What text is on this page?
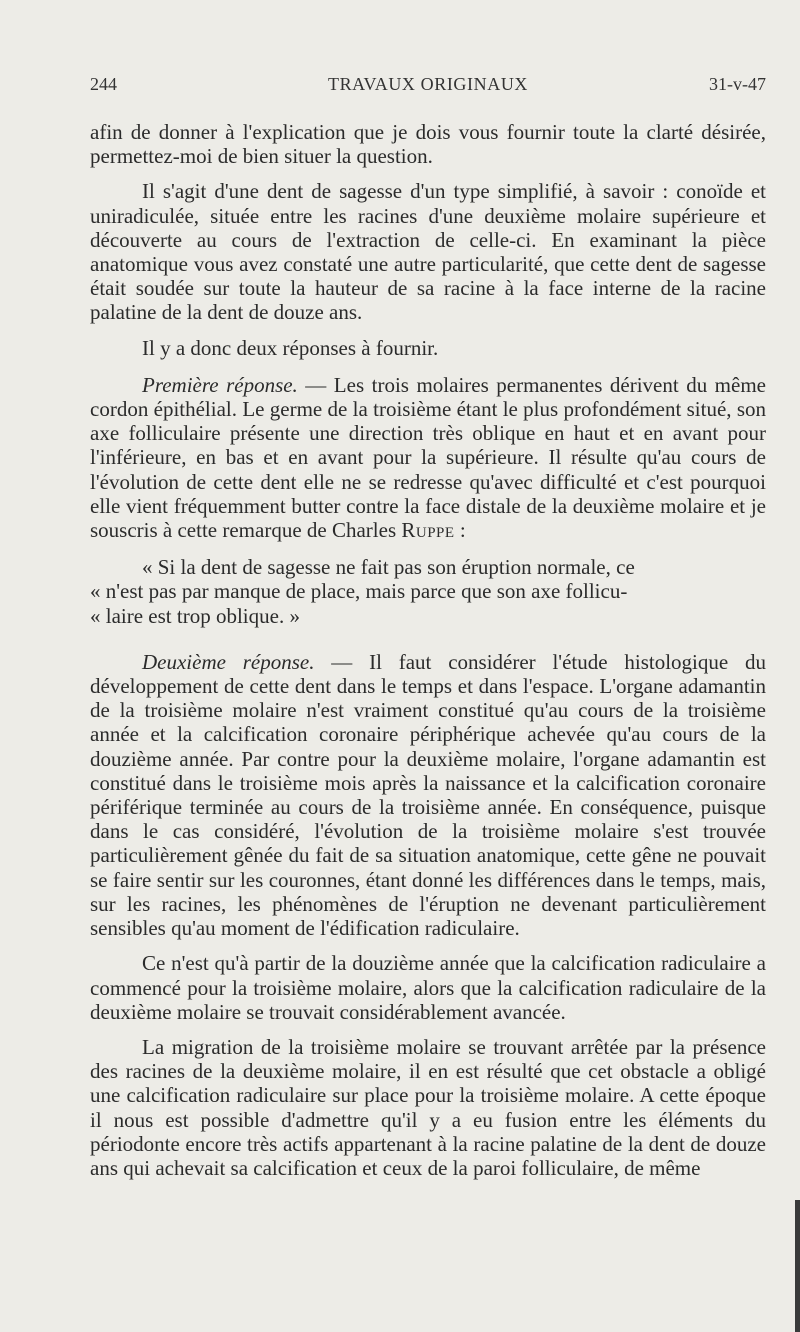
244	TRAVAUX ORIGINAUX	31-v-47

afin de donner à l'explication que je dois vous fournir toute la clarté désirée, permettez-moi de bien situer la question.

Il s'agit d'une dent de sagesse d'un type simplifié, à savoir : conoïde et uniradiculée, située entre les racines d'une deuxième molaire supérieure et découverte au cours de l'extraction de celle-ci. En examinant la pièce anatomique vous avez constaté une autre particularité, que cette dent de sagesse était soudée sur toute la hauteur de sa racine à la face interne de la racine palatine de la dent de douze ans.

Il y a donc deux réponses à fournir.

Première réponse. — Les trois molaires permanentes dérivent du même cordon épithélial. Le germe de la troisième étant le plus profondément situé, son axe folliculaire présente une direction très oblique en haut et en avant pour l'inférieure, en bas et en avant pour la supérieure. Il résulte qu'au cours de l'évolution de cette dent elle ne se redresse qu'avec difficulté et c'est pourquoi elle vient fréquemment butter contre la face distale de la deuxième molaire et je souscris à cette remarque de Charles Ruppe :

« Si la dent de sagesse ne fait pas son éruption normale, ce
« n'est pas par manque de place, mais parce que son axe follicu-
« laire est trop oblique. »

Deuxième réponse. — Il faut considérer l'étude histologique du développement de cette dent dans le temps et dans l'espace. L'organe adamantin de la troisième molaire n'est vraiment constitué qu'au cours de la troisième année et la calcification coronaire périphérique achevée qu'au cours de la douzième année. Par contre pour la deuxième molaire, l'organe adamantin est constitué dans le troisième mois après la naissance et la calcification coronaire périférique terminée au cours de la troisième année. En conséquence, puisque dans le cas considéré, l'évolution de la troisième molaire s'est trouvée particulièrement gênée du fait de sa situation anatomique, cette gêne ne pouvait se faire sentir sur les couronnes, étant donné les différences dans le temps, mais, sur les racines, les phénomènes de l'éruption ne devenant particulièrement sensibles qu'au moment de l'édification radiculaire.

Ce n'est qu'à partir de la douzième année que la calcification radiculaire a commencé pour la troisième molaire, alors que la calcification radiculaire de la deuxième molaire se trouvait considérablement avancée.

La migration de la troisième molaire se trouvant arrêtée par la présence des racines de la deuxième molaire, il en est résulté que cet obstacle a obligé une calcification radiculaire sur place pour la troisième molaire. A cette époque il nous est possible d'admettre qu'il y a eu fusion entre les éléments du périodonte encore très actifs appartenant à la racine palatine de la dent de douze ans qui achevait sa calcification et ceux de la paroi folliculaire, de même
